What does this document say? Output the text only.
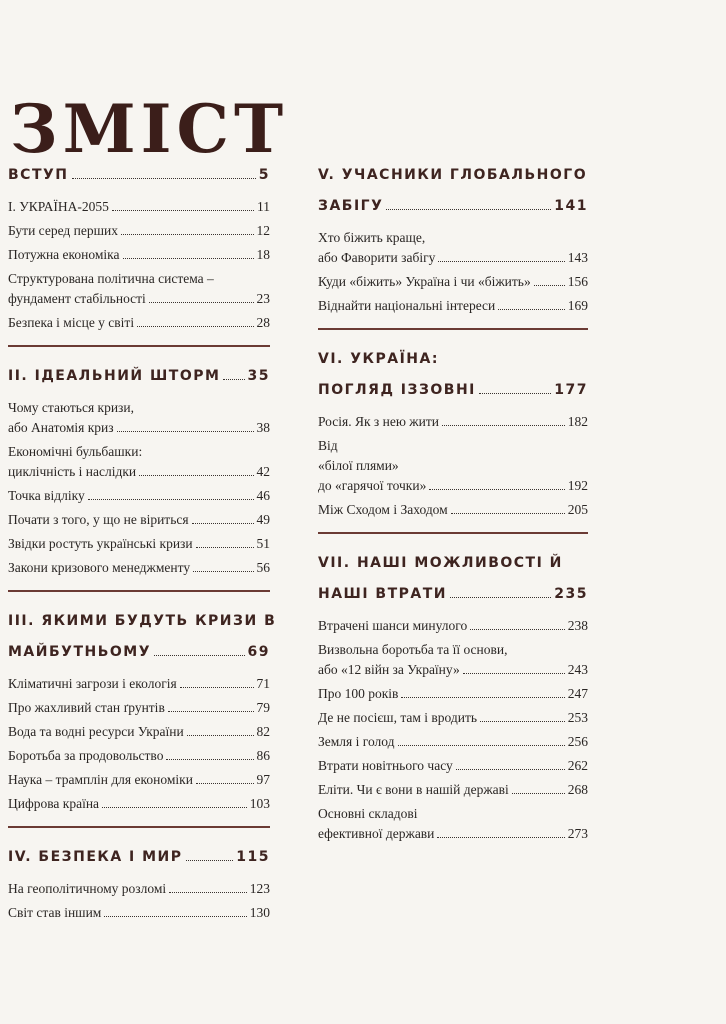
ЗМІСТ
ВСТУП	5
I. УКРАЇНА-2055	11
Бути серед перших	12
Потужна економіка	18
Структурована політична система –
фундамент стабільності	23
Безпека і місце у світі	28
II. ІДЕАЛЬНИЙ ШТОРМ 35
Чому стаються кризи,
або Анатомія криз	38
Економічні бульбашки:
циклічність і наслідки	42
Точка відліку	46
Почати з того, у що не віриться	49
Звідки ростуть українські кризи	51
Закони кризового менеджменту	56
III. ЯКИМИ БУДУТЬ КРИЗИ В
МАЙБУТНЬОМУ	69
Кліматичні загрози і екологія	71
Про жахливий стан ґрунтів	79
Вода та водні ресурси України	82
Боротьба за продовольство	86
Наука – трамплін для економіки	97
Цифрова країна	103
IV. БЕЗПЕКА І МИР	115
На геополітичному розломі	123
Світ став іншим	130
V. УЧАСНИКИ ГЛОБАЛЬНОГО
ЗАБІГУ	141
Хто біжить краще,
або Фаворити забігу	143
Куди «біжить» Україна і чи «біжить»	156
Віднайти національні інтереси	169
VI. УКРАЇНА:
ПОГЛЯД ІЗЗОВНІ	177
Росія. Як з нею жити	182
Від
«білої плями»
до «гарячої точки»	192
Між Сходом і Заходом	205
VII. НАШІ МОЖЛИВОСТІ Й
НАШІ ВТРАТИ	235
Втрачені шанси минулого	238
Визвольна боротьба та її основи,
або «12 війн за Україну»	243
Про 100 років	247
Де не посієш, там і вродить	253
Земля і голод	256
Втрати новітнього часу	262
Еліти. Чи є вони в нашій державі	268
Основні складові
ефективної держави	273
